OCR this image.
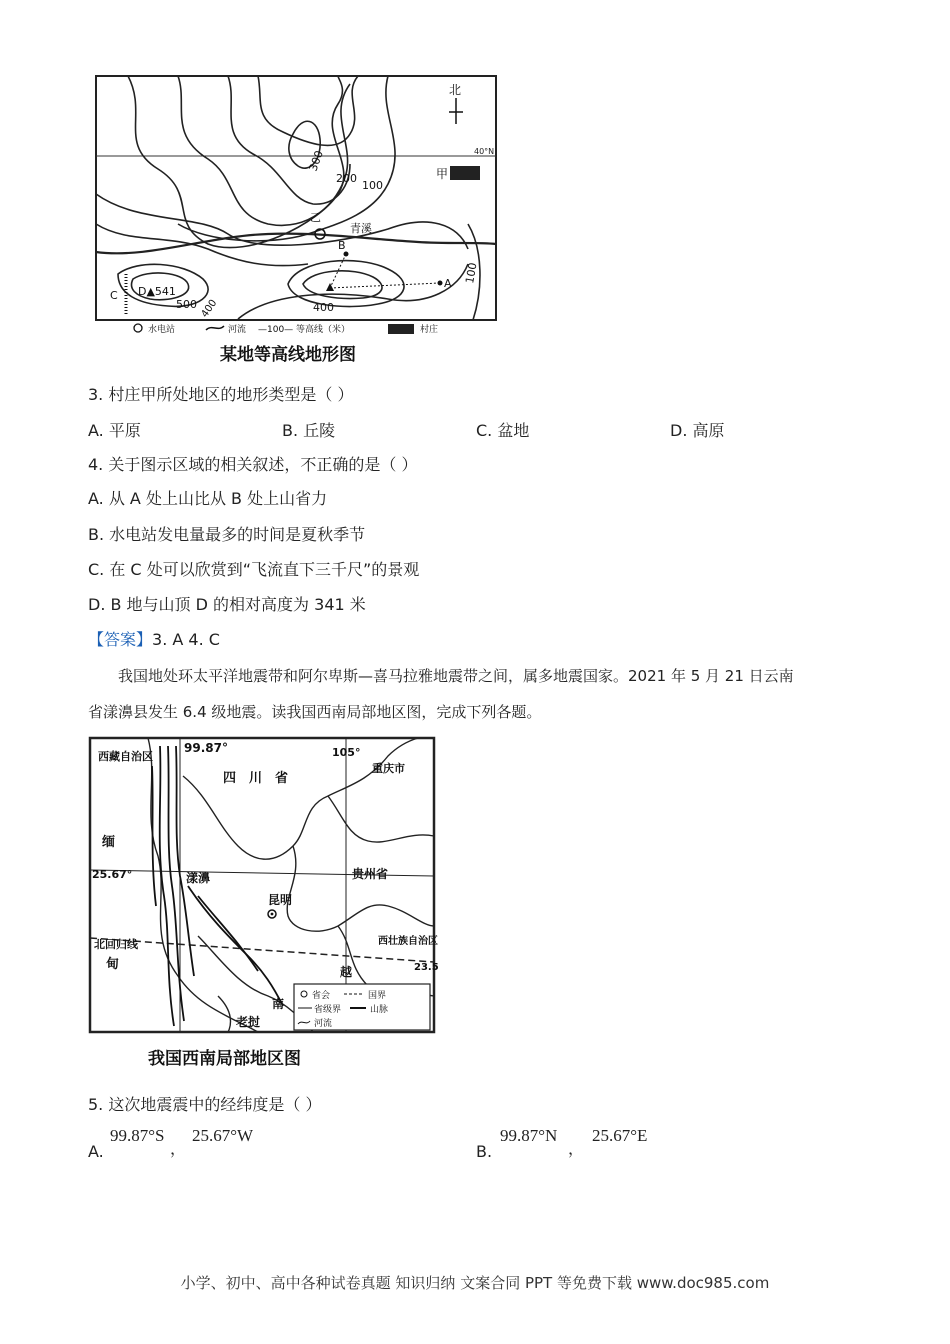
40°N
北
300
200
100
400
500 400
100
甲
乙
青溪
B
A
C D▲541
水电站	河流 —100— 等高线（米）	村庄
某地等高线地形图
3. 村庄甲所处地区的地形类型是（ ）
A. 平原	B. 丘陵	C. 盆地	D. 高原
4. 关于图示区域的相关叙述，不正确的是（ ）
A. 从 A 处上山比从 B 处上山省力
B. 水电站发电量最多的时间是夏秋季节
C. 在 C 处可以欣赏到“飞流直下三千尺”的景观
D. B 地与山顶 D 的相对高度为 341 米
【答案】3. A 4. C
我国地处环太平洋地震带和阿尔卑斯—喜马拉雅地震带之间，属多地震国家。2021 年 5 月 21 日云南
省漾濞县发生 6.4 级地震。读我国西南局部地区图，完成下列各题。
西藏自治区
99.87°	105°
四　川　省
重庆市
缅
25.67°	漾濞
昆明
贵州省
北回归线
甸
西壮族自治区
23.5
越
南
老挝
省会	国界
省级界	山脉
河流
我国西南局部地区图
5. 这次地震震中的经纬度是（ ）
A.
99.87°S
，
25.67°W
B.
99.87°N
，
25.67°E
小学、初中、高中各种试卷真题 知识归纳 文案合同 PPT 等免费下载 www.doc985.com
